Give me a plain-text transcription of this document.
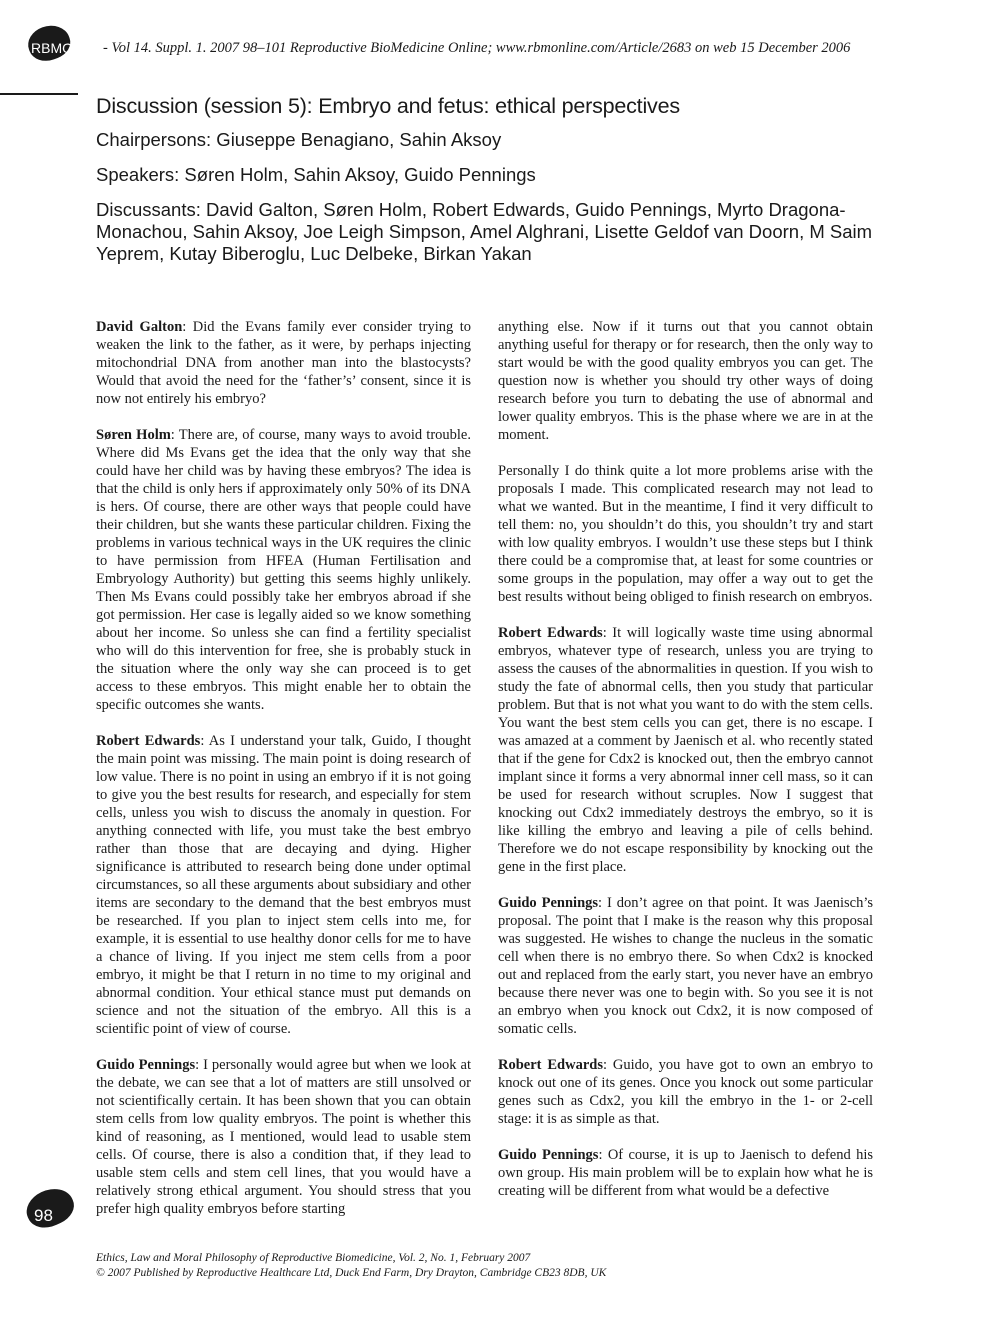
RBMOnline - Vol 14. Suppl. 1. 2007 98–101 Reproductive BioMedicine Online; www.rbmonline.com/Article/2683 on web 15 December 2006
Discussion (session 5): Embryo and fetus: ethical perspectives

Chairpersons: Giuseppe Benagiano, Sahin Aksoy

Speakers: Søren Holm, Sahin Aksoy, Guido Pennings

Discussants: David Galton, Søren Holm, Robert Edwards, Guido Pennings, Myrto Dragona-Monachou, Sahin Aksoy, Joe Leigh Simpson, Amel Alghrani, Lisette Geldof van Doorn, M Saim Yeprem, Kutay Biberoglu, Luc Delbeke, Birkan Yakan

David Galton: Did the Evans family ever consider trying to weaken the link to the father, as it were, by perhaps injecting mitochondrial DNA from another man into the blastocysts? Would that avoid the need for the ‘father’s’ consent, since it is now not entirely his embryo?

Søren Holm: There are, of course, many ways to avoid trouble. Where did Ms Evans get the idea that the only way that she could have her child was by having these embryos? The idea is that the child is only hers if approximately only 50% of its DNA is hers. Of course, there are other ways that people could have their children, but she wants these particular children. Fixing the problems in various technical ways in the UK requires the clinic to have permission from HFEA (Human Fertilisation and Embryology Authority) but getting this seems highly unlikely. Then Ms Evans could possibly take her embryos abroad if she got permission. Her case is legally aided so we know something about her income. So unless she can find a fertility specialist who will do this intervention for free, she is probably stuck in the situation where the only way she can proceed is to get access to these embryos. This might enable her to obtain the specific outcomes she wants.

Robert Edwards: As I understand your talk, Guido, I thought the main point was missing. The main point is doing research of low value. There is no point in using an embryo if it is not going to give you the best results for research, and especially for stem cells, unless you wish to discuss the anomaly in question. For anything connected with life, you must take the best embryo rather than those that are decaying and dying. Higher significance is attributed to research being done under optimal circumstances, so all these arguments about subsidiary and other items are secondary to the demand that the best embryos must be researched. If you plan to inject stem cells into me, for example, it is essential to use healthy donor cells for me to have a chance of living. If you inject me stem cells from a poor embryo, it might be that I return in no time to my original and abnormal condition. Your ethical stance must put demands on science and not the situation of the embryo. All this is a scientific point of view of course.

Guido Pennings: I personally would agree but when we look at the debate, we can see that a lot of matters are still unsolved or not scientifically certain. It has been shown that you can obtain stem cells from low quality embryos. The point is whether this kind of reasoning, as I mentioned, would lead to usable stem cells. Of course, there is also a condition that, if they lead to usable stem cells and stem cell lines, that you would have a relatively strong ethical argument. You should stress that you prefer high quality embryos before starting

anything else. Now if it turns out that you cannot obtain anything useful for therapy or for research, then the only way to start would be with the good quality embryos you can get. The question now is whether you should try other ways of doing research before you turn to debating the use of abnormal and lower quality embryos. This is the phase where we are in at the moment.

Personally I do think quite a lot more problems arise with the proposals I made. This complicated research may not lead to what we wanted. But in the meantime, I find it very difficult to tell them: no, you shouldn’t do this, you shouldn’t try and start with low quality embryos. I wouldn’t use these steps but I think there could be a compromise that, at least for some countries or some groups in the population, may offer a way out to get the best results without being obliged to finish research on embryos.

Robert Edwards: It will logically waste time using abnormal embryos, whatever type of research, unless you are trying to assess the causes of the abnormalities in question. If you wish to study the fate of abnormal cells, then you study that particular problem. But that is not what you want to do with the stem cells. You want the best stem cells you can get, there is no escape. I was amazed at a comment by Jaenisch et al. who recently stated that if the gene for Cdx2 is knocked out, then the embryo cannot implant since it forms a very abnormal inner cell mass, so it can be used for research without scruples. Now I suggest that knocking out Cdx2 immediately destroys the embryo, so it is like killing the embryo and leaving a pile of cells behind. Therefore we do not escape responsibility by knocking out the gene in the first place.

Guido Pennings: I don’t agree on that point. It was Jaenisch’s proposal. The point that I make is the reason why this proposal was suggested. He wishes to change the nucleus in the somatic cell when there is no embryo there. So when Cdx2 is knocked out and replaced from the early start, you never have an embryo because there never was one to begin with. So you see it is not an embryo when you knock out Cdx2, it is now composed of somatic cells.

Robert Edwards: Guido, you have got to own an embryo to knock out one of its genes. Once you knock out some particular genes such as Cdx2, you kill the embryo in the 1- or 2-cell stage: it is as simple as that.

Guido Pennings: Of course, it is up to Jaenisch to defend his own group. His main problem will be to explain how what he is creating will be different from what would be a defective

98
Ethics, Law and Moral Philosophy of Reproductive Biomedicine, Vol. 2, No. 1, February 2007
© 2007 Published by Reproductive Healthcare Ltd, Duck End Farm, Dry Drayton, Cambridge CB23 8DB, UK
